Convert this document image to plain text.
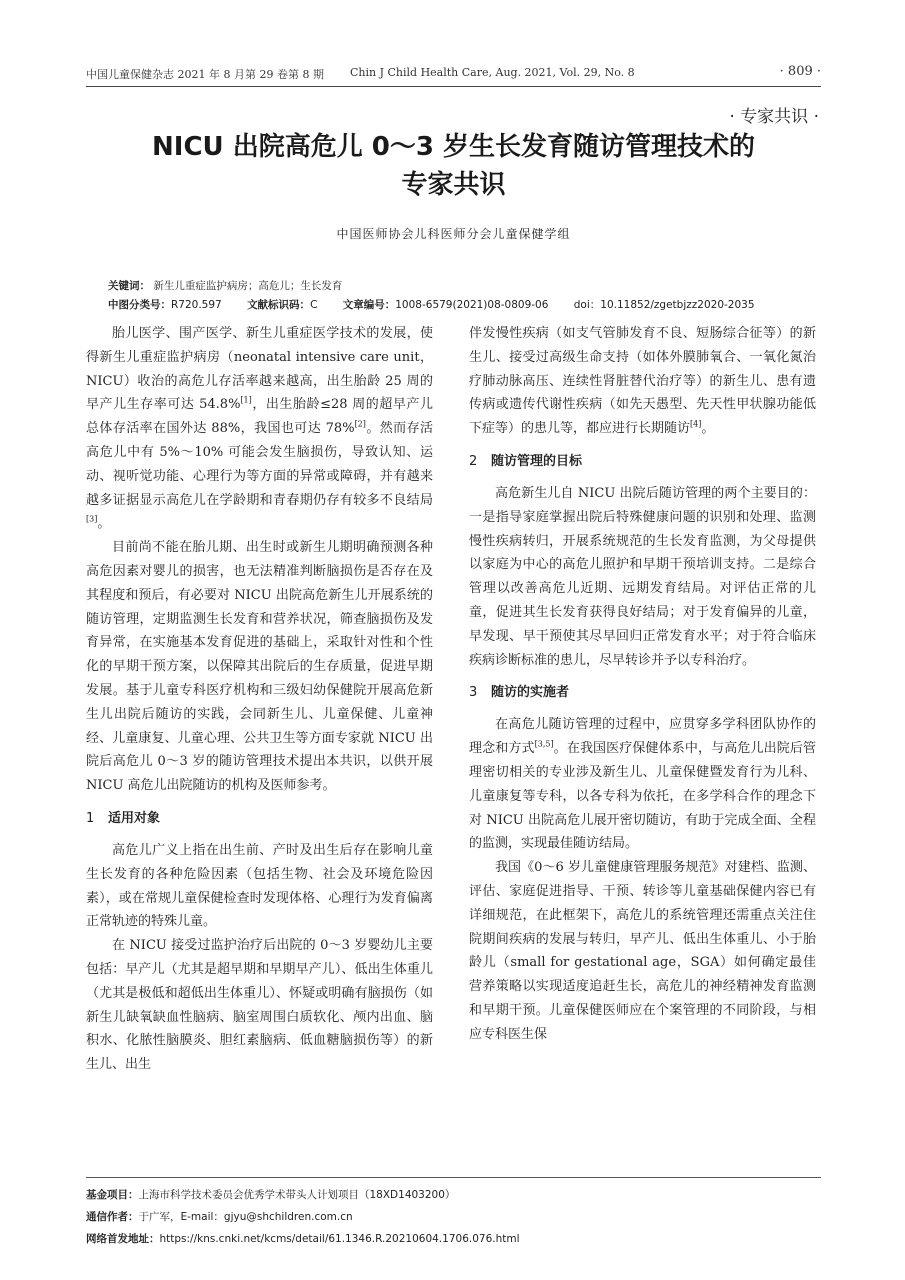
中国儿童保健杂志 2021 年 8 月第 29 卷第 8 期 Chin J Child Health Care, Aug. 2021, Vol. 29, No. 8	· 809 ·
· 专家共识 ·
NICU 出院高危儿 0～3 岁生长发育随访管理技术的
专家共识
中国医师协会儿科医师分会儿童保健学组
关键词： 新生儿重症监护病房；高危儿；生长发育
中图分类号：R720.597 文献标识码：C 文章编号：1008-6579(2021)08-0809-06 doi：10.11852/zgetbjzz2020-2035

胎儿医学、围产医学、新生儿重症医学技术的发展，使得新生儿重症监护病房（neonatal intensive care unit，NICU）收治的高危儿存活率越来越高，出生胎龄 25 周的早产儿生存率可达 54.8%[1]，出生胎龄≤28 周的超早产儿总体存活率在国外达 88%，我国也可达 78%[2]。然而存活高危儿中有 5%～10% 可能会发生脑损伤，导致认知、运动、视听觉功能、心理行为等方面的异常或障碍，并有越来越多证据显示高危儿在学龄期和青春期仍存有较多不良结局[3]。

目前尚不能在胎儿期、出生时或新生儿期明确预测各种高危因素对婴儿的损害，也无法精准判断脑损伤是否存在及其程度和预后，有必要对 NICU 出院高危新生儿开展系统的随访管理，定期监测生长发育和营养状况，筛查脑损伤及发育异常，在实施基本发育促进的基础上，采取针对性和个性化的早期干预方案，以保障其出院后的生存质量，促进早期发展。基于儿童专科医疗机构和三级妇幼保健院开展高危新生儿出院后随访的实践，会同新生儿、儿童保健、儿童神经、儿童康复、儿童心理、公共卫生等方面专家就 NICU 出院后高危儿 0～3 岁的随访管理技术提出本共识，以供开展 NICU 高危儿出院随访的机构及医师参考。

1 适用对象

高危儿广义上指在出生前、产时及出生后存在影响儿童生长发育的各种危险因素（包括生物、社会及环境危险因素），或在常规儿童保健检查时发现体格、心理行为发育偏离正常轨迹的特殊儿童。

在 NICU 接受过监护治疗后出院的 0～3 岁婴幼儿主要包括：早产儿（尤其是超早期和早期早产儿）、低出生体重儿（尤其是极低和超低出生体重儿）、怀疑或明确有脑损伤（如新生儿缺氧缺血性脑病、脑室周围白质软化、颅内出血、脑积水、化脓性脑膜炎、胆红素脑病、低血糖脑损伤等）的新生儿、出生

伴发慢性疾病（如支气管肺发育不良、短肠综合征等）的新生儿、接受过高级生命支持（如体外膜肺氧合、一氧化氮治疗肺动脉高压、连续性肾脏替代治疗等）的新生儿、患有遗传病或遗传代谢性疾病（如先天愚型、先天性甲状腺功能低下症等）的患儿等，都应进行长期随访[4]。

2 随访管理的目标

高危新生儿自 NICU 出院后随访管理的两个主要目的：一是指导家庭掌握出院后特殊健康问题的识别和处理、监测慢性疾病转归，开展系统规范的生长发育监测，为父母提供以家庭为中心的高危儿照护和早期干预培训支持。二是综合管理以改善高危儿近期、远期发育结局。对评估正常的儿童，促进其生长发育获得良好结局；对于发育偏异的儿童，早发现、早干预使其尽早回归正常发育水平；对于符合临床疾病诊断标准的患儿，尽早转诊并予以专科治疗。

3 随访的实施者

在高危儿随访管理的过程中，应贯穿多学科团队协作的理念和方式[3,5]。在我国医疗保健体系中，与高危儿出院后管理密切相关的专业涉及新生儿、儿童保健暨发育行为儿科、儿童康复等专科，以各专科为依托，在多学科合作的理念下对 NICU 出院高危儿展开密切随访，有助于完成全面、全程的监测，实现最佳随访结局。

我国《0～6 岁儿童健康管理服务规范》对建档、监测、评估、家庭促进指导、干预、转诊等儿童基础保健内容已有详细规范，在此框架下，高危儿的系统管理还需重点关注住院期间疾病的发展与转归，早产儿、低出生体重儿、小于胎龄儿（small for gestational age，SGA）如何确定最佳营养策略以实现适度追赶生长，高危儿的神经精神发育监测和早期干预。儿童保健医师应在个案管理的不同阶段，与相应专科医生保

基金项目：上海市科学技术委员会优秀学术带头人计划项目（18XD1403200）
通信作者：于广军，E-mail：gjyu@shchildren.com.cn
网络首发地址：https://kns.cnki.net/kcms/detail/61.1346.R.20210604.1706.076.html
